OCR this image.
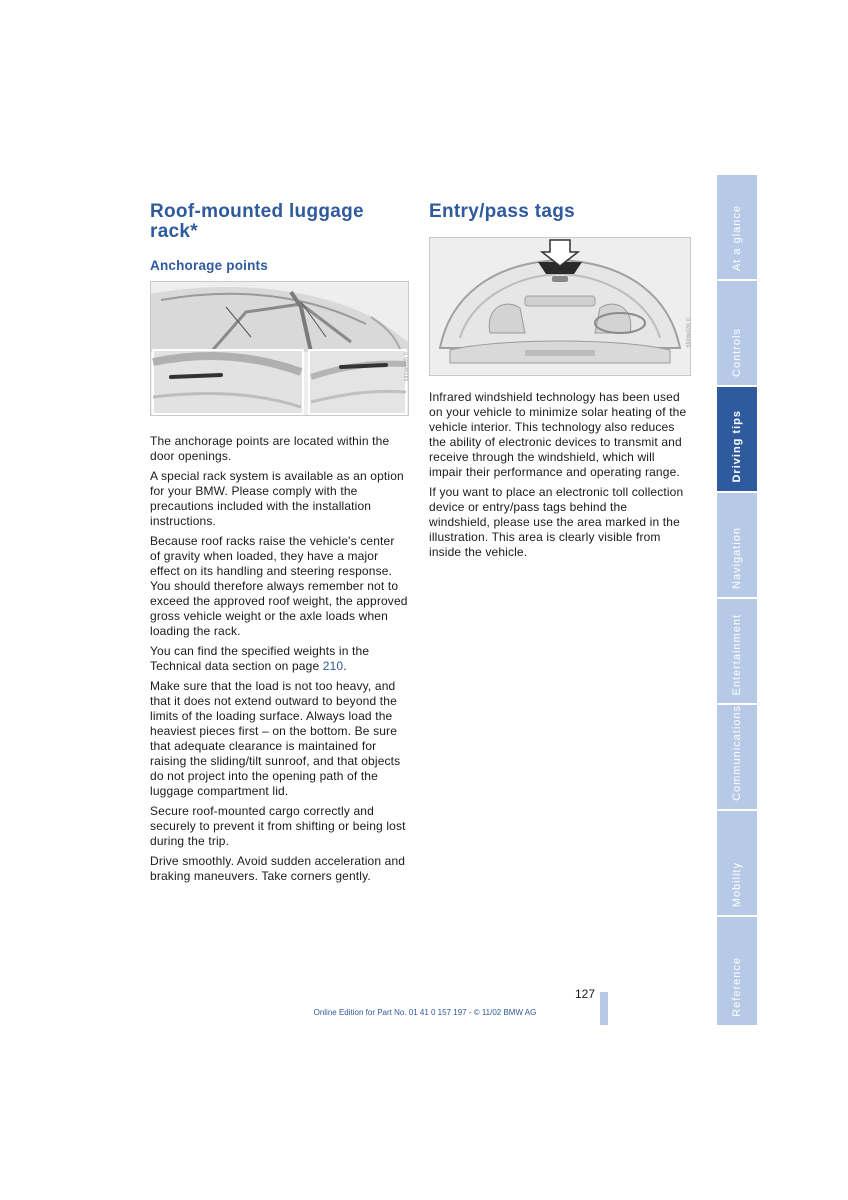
Roof-mounted luggage rack*
Anchorage points
590de035 0

The anchorage points are located within the door openings.

A special rack system is available as an option for your BMW. Please comply with the precautions included with the installation instructions.

Because roof racks raise the vehicle's center of gravity when loaded, they have a major effect on its handling and steering response.

You should therefore always remember not to exceed the approved roof weight, the approved gross vehicle weight or the axle loads when loading the rack.

You can find the specified weights in the Technical data section on page 210.

Make sure that the load is not too heavy, and that it does not extend outward to beyond the limits of the loading surface. Always load the heaviest pieces first – on the bottom. Be sure that adequate clearance is maintained for raising the sliding/tilt sunroof, and that objects do not project into the opening path of the luggage compartment lid.

Secure roof-mounted cargo correctly and securely to prevent it from shifting or being lost during the trip.

Drive smoothly. Avoid sudden acceleration and braking maneuvers. Take corners gently.

Entry/pass tags
590de036 0

Infrared windshield technology has been used on your vehicle to minimize solar heating of the vehicle interior. This technology also reduces the ability of electronic devices to transmit and receive through the windshield, which will impair their performance and operating range.

If you want to place an electronic toll collection device or entry/pass tags behind the windshield, please use the area marked in the illustration. This area is clearly visible from inside the vehicle.

At a glance
Controls
Driving tips
Navigation
Entertainment
Communications
Mobility
Reference
127
Online Edition for Part No. 01 41 0 157 197 - © 11/02 BMW AG
